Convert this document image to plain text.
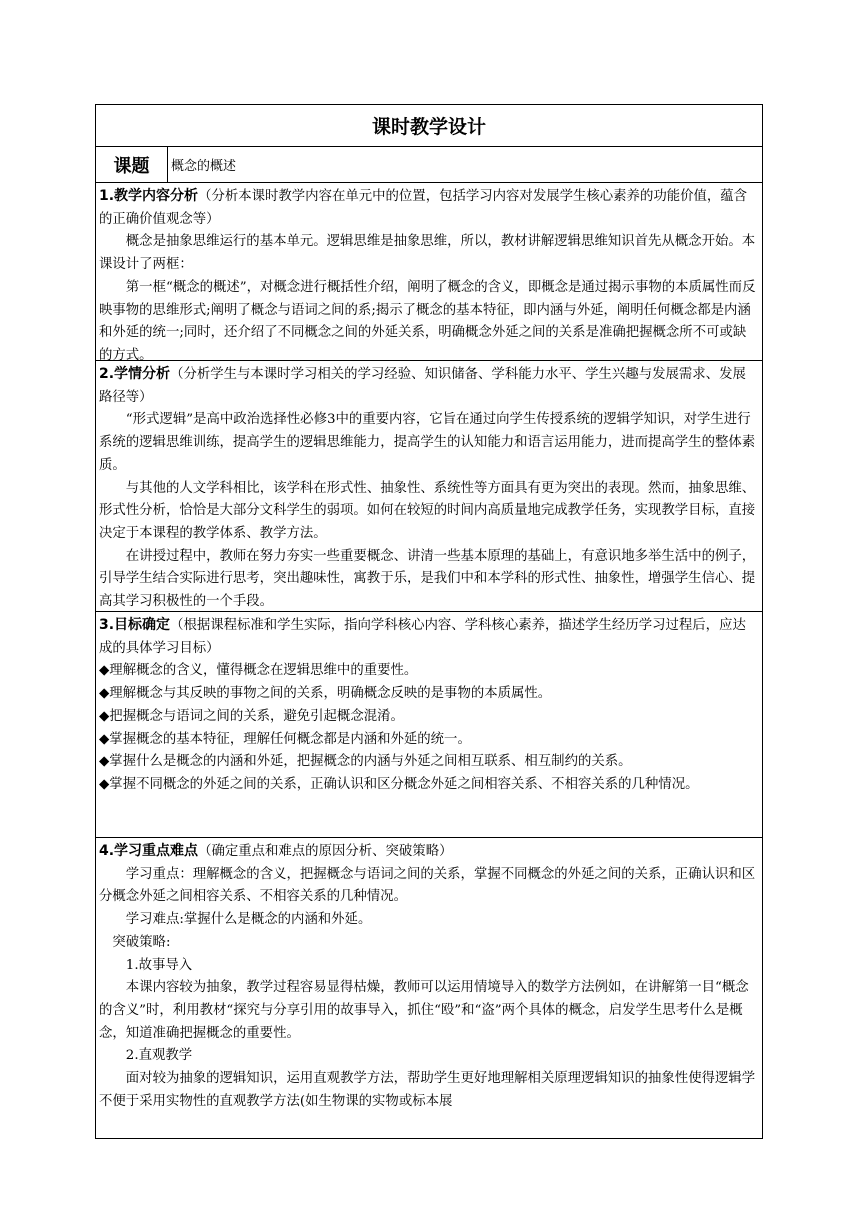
课时教学设计
课题	概念的概述

1.教学内容分析（分析本课时教学内容在单元中的位置，包括学习内容对发展学生核心素养的功能价值，蕴含的正确价值观念等）

概念是抽象思维运行的基本单元。逻辑思维是抽象思维，所以，教材讲解逻辑思维知识首先从概念开始。本课设计了两框：

第一框“概念的概述”，对概念进行概括性介绍，阐明了概念的含义，即概念是通过揭示事物的本质属性而反映事物的思维形式;阐明了概念与语词之间的系;揭示了概念的基本特征，即内涵与外延，阐明任何概念都是内涵和外延的统一;同时，还介绍了不同概念之间的外延关系，明确概念外延之间的关系是准确把握概念所不可或缺的方式。

2.学情分析（分析学生与本课时学习相关的学习经验、知识储备、学科能力水平、学生兴趣与发展需求、发展路径等）

“形式逻辑”是高中政治选择性必修3中的重要内容，它旨在通过向学生传授系统的逻辑学知识，对学生进行系统的逻辑思维训练，提高学生的逻辑思维能力，提高学生的认知能力和语言运用能力，进而提高学生的整体素质。

与其他的人文学科相比，该学科在形式性、抽象性、系统性等方面具有更为突出的表现。然而，抽象思维、形式性分析，恰恰是大部分文科学生的弱项。如何在较短的时间内高质量地完成教学任务，实现教学目标，直接决定于本课程的教学体系、教学方法。

在讲授过程中，教师在努力夯实一些重要概念、讲清一些基本原理的基础上，有意识地多举生活中的例子，引导学生结合实际进行思考，突出趣味性，寓教于乐，是我们中和本学科的形式性、抽象性，增强学生信心、提高其学习积极性的一个手段。

3.目标确定（根据课程标准和学生实际，指向学科核心内容、学科核心素养，描述学生经历学习过程后，应达成的具体学习目标）

◆理解概念的含义，懂得概念在逻辑思维中的重要性。

◆理解概念与其反映的事物之间的关系，明确概念反映的是事物的本质属性。

◆把握概念与语词之间的关系，避免引起概念混淆。

◆掌握概念的基本特征，理解任何概念都是内涵和外延的统一。

◆掌握什么是概念的内涵和外延，把握概念的内涵与外延之间相互联系、相互制约的关系。

◆掌握不同概念的外延之间的关系，正确认识和区分概念外延之间相容关系、不相容关系的几种情况。

4.学习重点难点（确定重点和难点的原因分析、突破策略）

学习重点：理解概念的含义，把握概念与语词之间的关系，掌握不同概念的外延之间的关系，正确认识和区分概念外延之间相容关系、不相容关系的几种情况。

学习难点:掌握什么是概念的内涵和外延。

突破策略:

1.故事导入

本课内容较为抽象，教学过程容易显得枯燥，教师可以运用情境导入的数学方法例如，在讲解第一目“概念的含义”时，利用教材“探究与分享引用的故事导入，抓住“殴”和“盗”两个具体的概念，启发学生思考什么是概念，知道准确把握概念的重要性。

2.直观教学

面对较为抽象的逻辑知识，运用直观教学方法，帮助学生更好地理解相关原理逻辑知识的抽象性使得逻辑学不便于采用实物性的直观教学方法(如生物课的实物或标本展
